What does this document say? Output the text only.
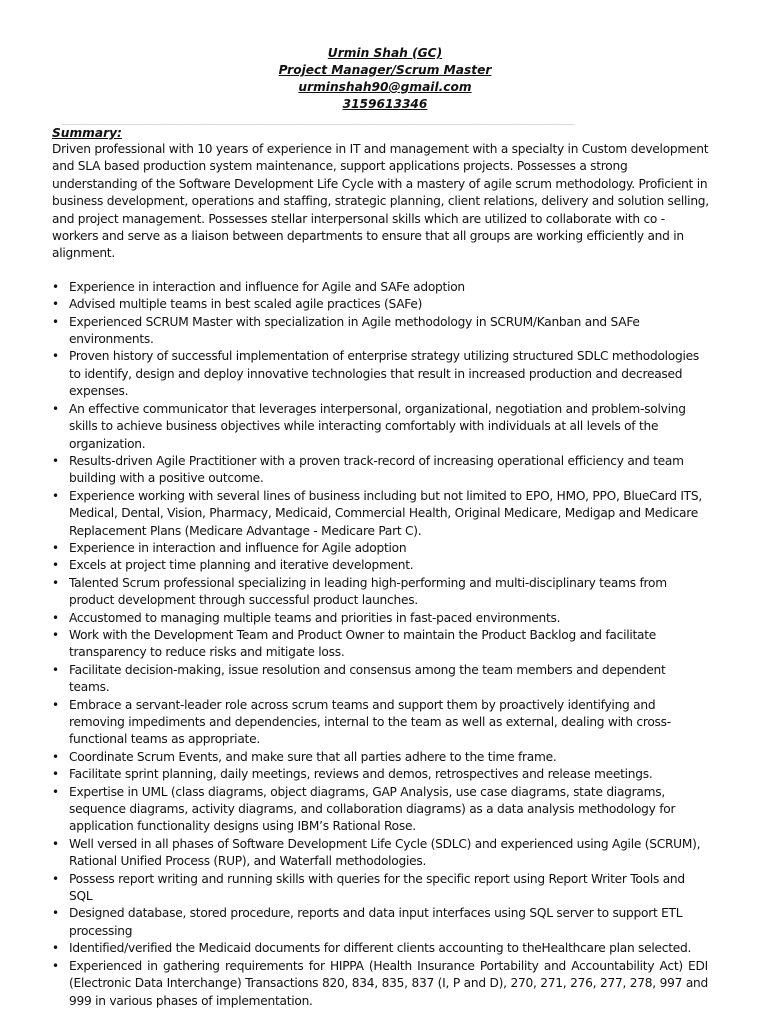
Urmin Shah (GC)
Project Manager/Scrum Master
urminshah90@gmail.com
3159613346
_______________________________________________________________________________________
Summary:

Driven professional with 10 years of experience in IT and management with a specialty in Custom development and SLA based production system maintenance, support applications projects. Possesses a strong understanding of the Software Development Life Cycle with a mastery of agile scrum methodology. Proficient in business development, operations and staffing, strategic planning, client relations, delivery and solution selling, and project management. Possesses stellar interpersonal skills which are utilized to collaborate with co - workers and serve as a liaison between departments to ensure that all groups are working efficiently and in alignment.

• Experience in interaction and influence for Agile and SAFe adoption
• Advised multiple teams in best scaled agile practices (SAFe)
• Experienced SCRUM Master with specialization in Agile methodology in SCRUM/Kanban and SAFe environments.
• Proven history of successful implementation of enterprise strategy utilizing structured SDLC methodologies to identify, design and deploy innovative technologies that result in increased production and decreased expenses.
• An effective communicator that leverages interpersonal, organizational, negotiation and problem-solving skills to achieve business objectives while interacting comfortably with individuals at all levels of the organization.
• Results-driven Agile Practitioner with a proven track-record of increasing operational efficiency and team building with a positive outcome.
• Experience working with several lines of business including but not limited to EPO, HMO, PPO, BlueCard ITS, Medical, Dental, Vision, Pharmacy, Medicaid, Commercial Health, Original Medicare, Medigap and Medicare Replacement Plans (Medicare Advantage - Medicare Part C).
• Experience in interaction and influence for Agile adoption
• Excels at project time planning and iterative development.
• Talented Scrum professional specializing in leading high-performing and multi-disciplinary teams from product development through successful product launches.
• Accustomed to managing multiple teams and priorities in fast-paced environments.
• Work with the Development Team and Product Owner to maintain the Product Backlog and facilitate transparency to reduce risks and mitigate loss.
• Facilitate decision-making, issue resolution and consensus among the team members and dependent teams.
• Embrace a servant-leader role across scrum teams and support them by proactively identifying and removing impediments and dependencies, internal to the team as well as external, dealing with cross-functional teams as appropriate.
• Coordinate Scrum Events, and make sure that all parties adhere to the time frame.
• Facilitate sprint planning, daily meetings, reviews and demos, retrospectives and release meetings.
• Expertise in UML (class diagrams, object diagrams, GAP Analysis, use case diagrams, state diagrams, sequence diagrams, activity diagrams, and collaboration diagrams) as a data analysis methodology for application functionality designs using IBM’s Rational Rose.
• Well versed in all phases of Software Development Life Cycle (SDLC) and experienced using Agile (SCRUM), Rational Unified Process (RUP), and Waterfall methodologies.
• Possess report writing and running skills with queries for the specific report using Report Writer Tools and SQL
• Designed database, stored procedure, reports and data input interfaces using SQL server to support ETL processing
• Identified/verified the Medicaid documents for different clients accounting to theHealthcare plan selected.
• Experienced in gathering requirements for HIPPA (Health Insurance Portability and Accountability Act) EDI (Electronic Data Interchange) Transactions 820, 834, 835, 837 (I, P and D), 270, 271, 276, 277, 278, 997 and 999 in various phases of implementation.
